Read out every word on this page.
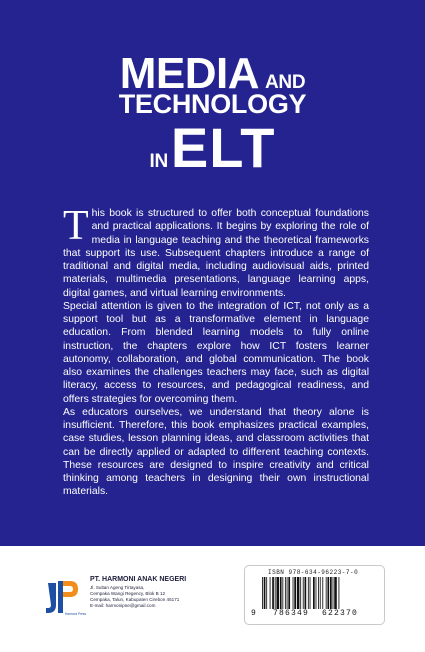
MEDIA AND
TECHNOLOGY
INELT

This book is structured to offer both conceptual foundations and practical applications. It begins by exploring the role of media in language teaching and the theoretical frameworks that support its use. Subsequent chapters introduce a range of traditional and digital media, including audiovisual aids, printed materials, multimedia presentations, language learning apps, digital games, and virtual learning environments.

Special attention is given to the integration of ICT, not only as a support tool but as a transformative element in language education. From blended learning models to fully online instruction, the chapters explore how ICT fosters learner autonomy, collaboration, and global communication. The book also examines the challenges teachers may face, such as digital literacy, access to resources, and pedagogical readiness, and offers strategies for overcoming them.

As educators ourselves, we understand that theory alone is insufficient. Therefore, this book emphasizes practical examples, case studies, lesson planning ideas, and classroom activities that can be directly applied or adapted to different teaching contexts. These resources are designed to inspire creativity and critical thinking among teachers in designing their own instructional materials.

Harmoni Press
PT. HARMONI ANAK NEGERI
Jl. Sultan Ageng Tirtayasa,
Cempaka Wangi Regency, Blok B 12
Cempaka, Talun, Kabupaten Cirebon 45171
E-mail: harmonipne@gmail.com
ISBN 978-634-96223-7-0
9 786349 622370
